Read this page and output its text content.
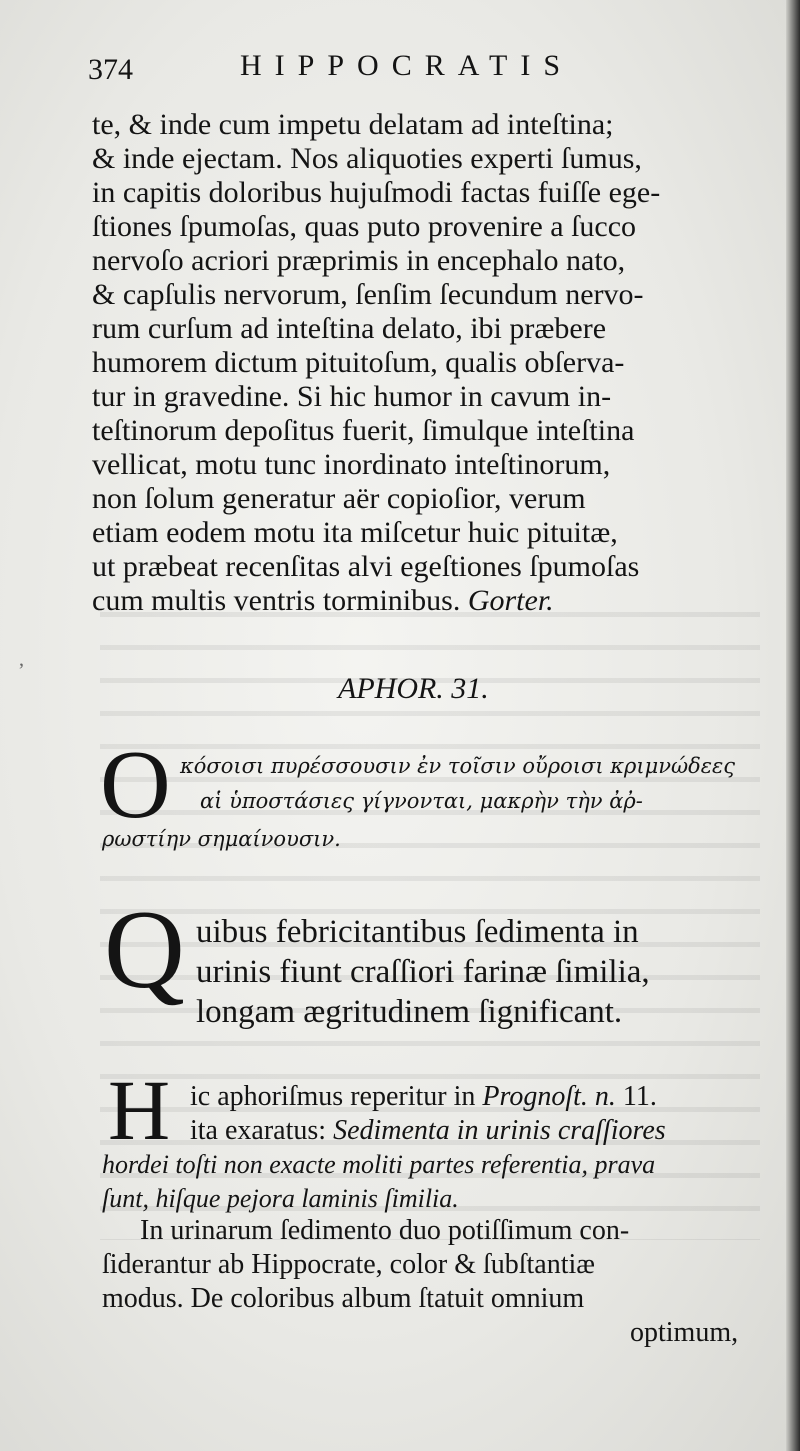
ʼ
374	HIPPOCRATIS
te, & inde cum impetu delatam ad inteſtina;
& inde ejectam. Nos aliquoties experti ſumus,
in capitis doloribus hujuſmodi factas fuiſſe ege-
ſtiones ſpumoſas, quas puto provenire a ſucco
nervoſo acriori præprimis in encephalo nato,
& capſulis nervorum, ſenſim ſecundum nervo-
rum curſum ad inteſtina delato, ibi præbere
humorem dictum pituitoſum, qualis obſerva-
tur in gravedine. Si hic humor in cavum in-
teſtinorum depoſitus fuerit, ſimulque inteſtina
vellicat, motu tunc inordinato inteſtinorum,
non ſolum generatur aër copioſior, verum
etiam eodem motu ita miſcetur huic pituitæ,
ut præbeat recenſitas alvi egeſtiones ſpumoſas
cum multis ventris torminibus. Gorter.
APHOR. 31.
O κόσοισι πυρέσσουσιν ἐν τοῖσιν οὔροισι κριμνώδεες
αἱ ὑποστάσιες γίγνονται, μακρὴν τὴν ἀῤ-
ρωστίην σημαίνουσιν.
Q uibus febricitantibus ſedimenta in
urinis fiunt craſſiori farinæ ſimilia,
longam ægritudinem ſignificant.
H ic aphoriſmus reperitur in Prognoſt. n. 11.
ita exaratus: Sedimenta in urinis craſſiores
hordei toſti non exacte moliti partes referentia, prava
ſunt, hiſque pejora laminis ſimilia.
In urinarum ſedimento duo potiſſimum con-
ſiderantur ab Hippocrate, color & ſubſtantiæ
modus. De coloribus album ſtatuit omnium
optimum,
